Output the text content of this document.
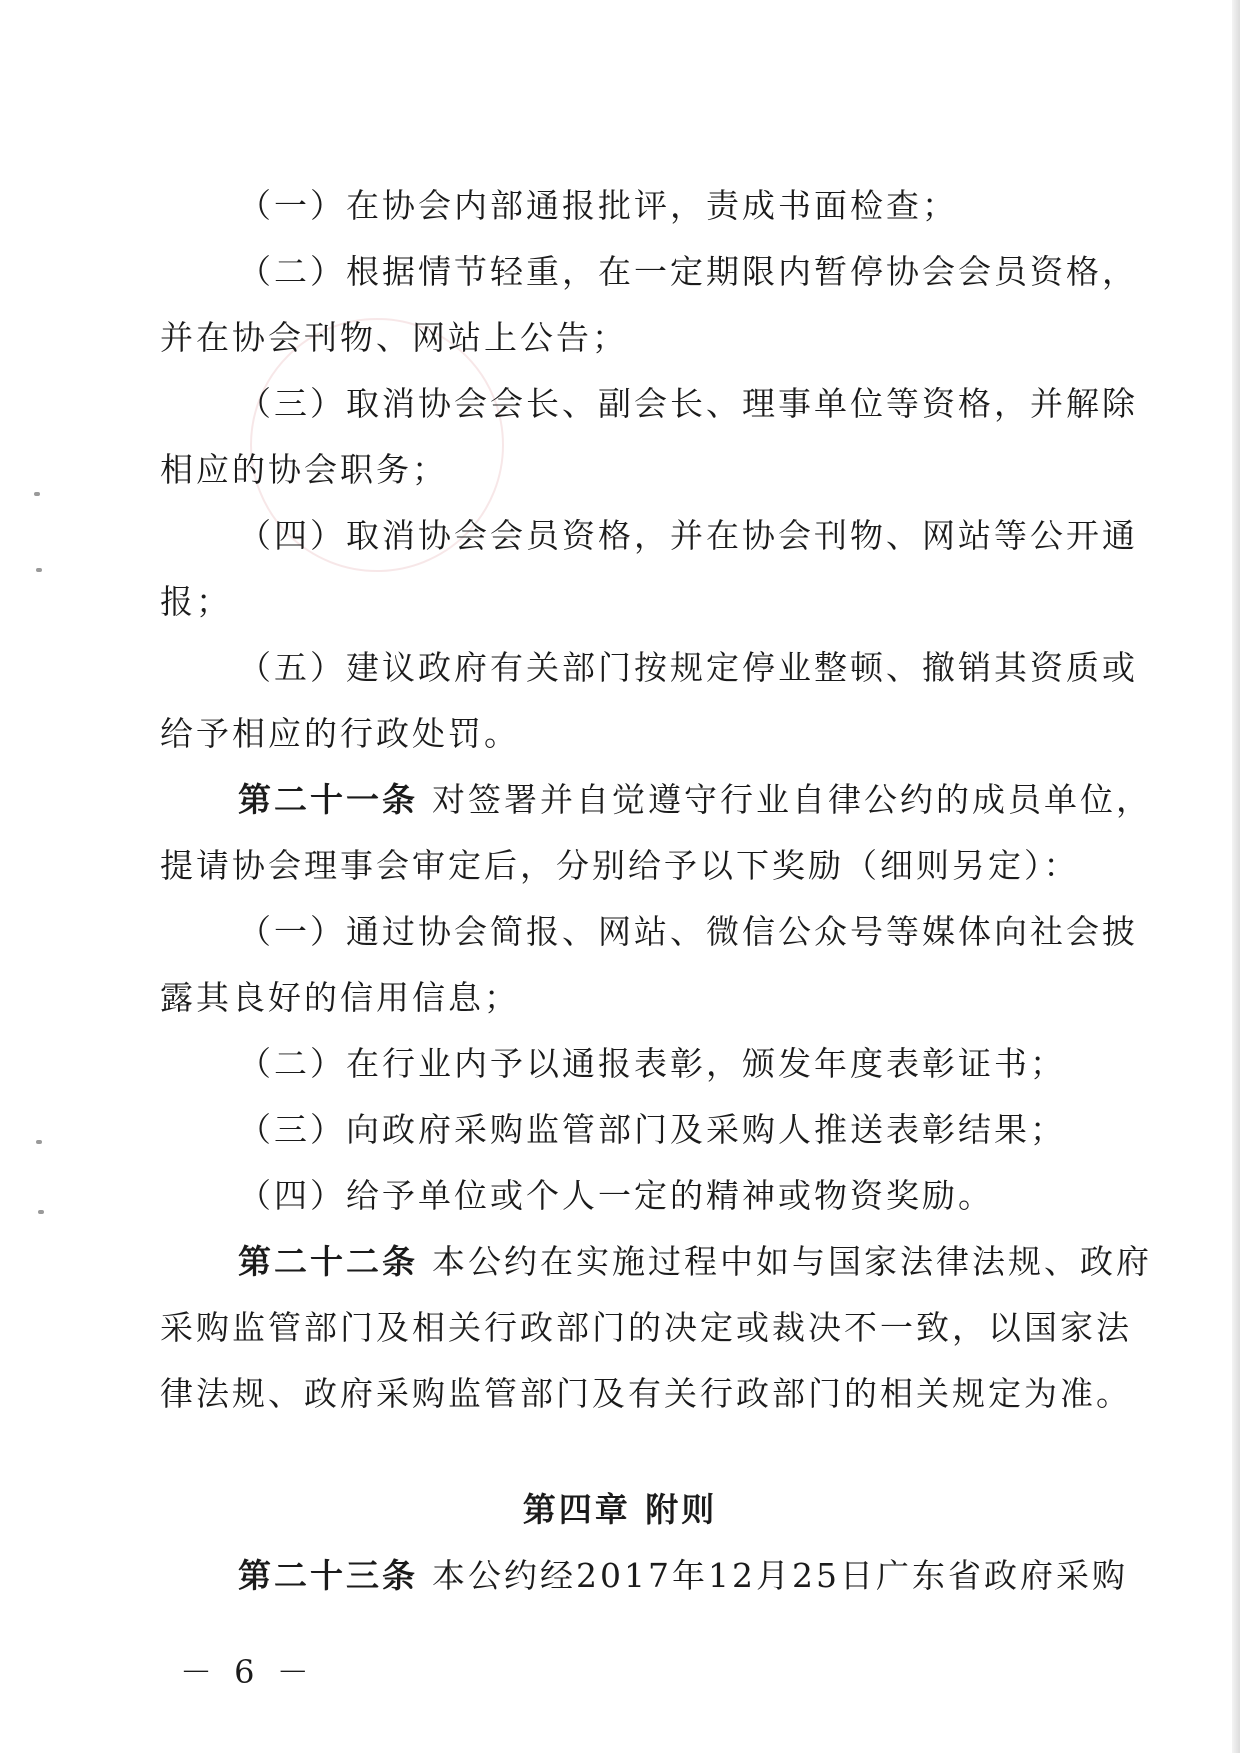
（一）在协会内部通报批评，责成书面检查；
（二）根据情节轻重，在一定期限内暂停协会会员资格，
并在协会刊物、网站上公告；
（三）取消协会会长、副会长、理事单位等资格，并解除
相应的协会职务；
（四）取消协会会员资格，并在协会刊物、网站等公开通
报；
（五）建议政府有关部门按规定停业整顿、撤销其资质或
给予相应的行政处罚。
第二十一条 对签署并自觉遵守行业自律公约的成员单位，
提请协会理事会审定后，分别给予以下奖励（细则另定）：
（一）通过协会简报、网站、微信公众号等媒体向社会披
露其良好的信用信息；
（二）在行业内予以通报表彰，颁发年度表彰证书；
（三）向政府采购监管部门及采购人推送表彰结果；
（四）给予单位或个人一定的精神或物资奖励。
第二十二条 本公约在实施过程中如与国家法律法规、政府
采购监管部门及相关行政部门的决定或裁决不一致，以国家法
律法规、政府采购监管部门及有关行政部门的相关规定为准。
第四章 附则
第二十三条 本公约经2017年12月25日广东省政府采购
－ 6 －
